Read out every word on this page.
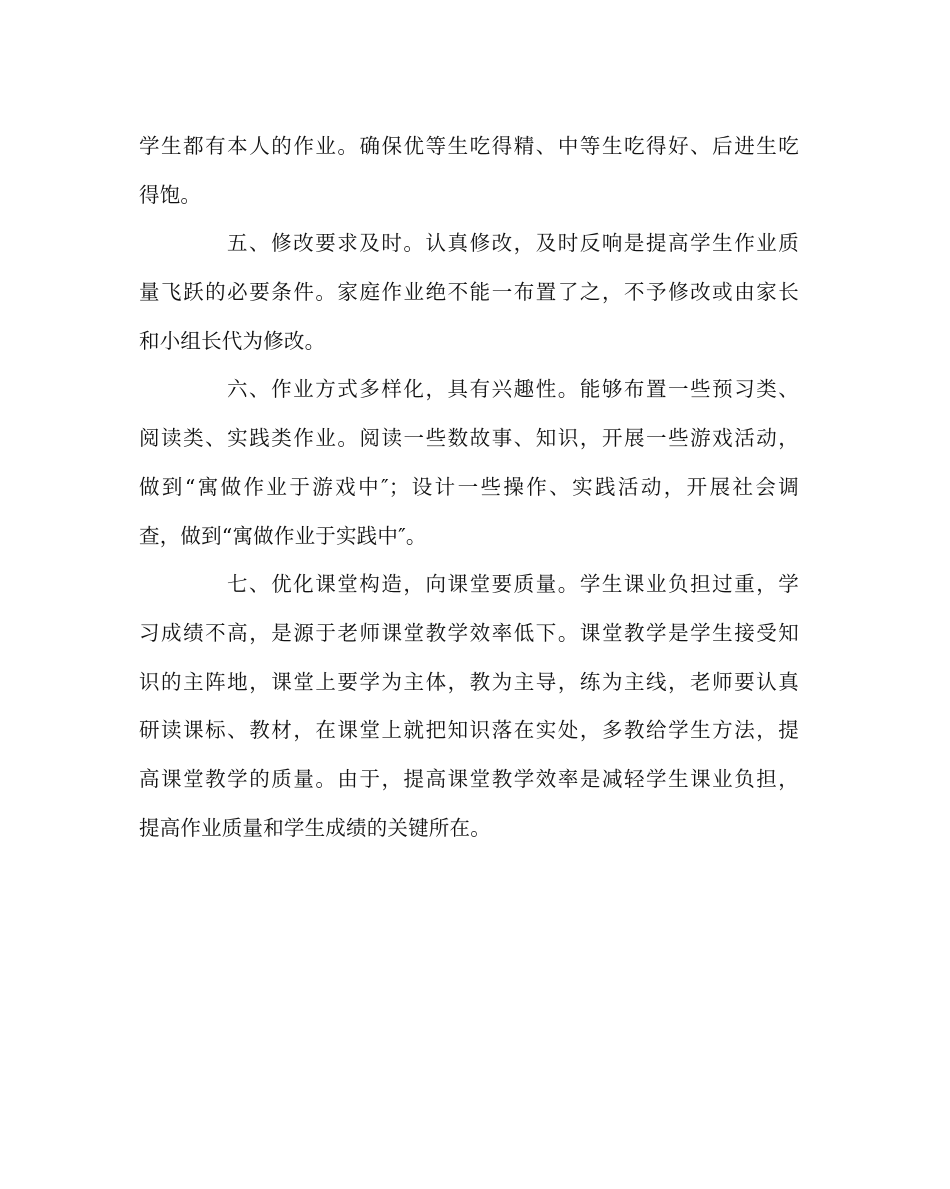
学生都有本人的作业。确保优等生吃得精、中等生吃得好、后进生吃
得饱。
五、修改要求及时。认真修改，及时反响是提高学生作业质
量飞跃的必要条件。家庭作业绝不能一布置了之，不予修改或由家长
和小组长代为修改。
六、作业方式多样化，具有兴趣性。能够布置一些预习类、
阅读类、实践类作业。阅读一些数故事、知识，开展一些游戏活动，
做到“寓做作业于游戏中″；设计一些操作、实践活动，开展社会调
查，做到“寓做作业于实践中″。
七、优化课堂构造，向课堂要质量。学生课业负担过重，学
习成绩不高，是源于老师课堂教学效率低下。课堂教学是学生接受知
识的主阵地，课堂上要学为主体，教为主导，练为主线，老师要认真
研读课标、教材，在课堂上就把知识落在实处，多教给学生方法，提
高课堂教学的质量。由于，提高课堂教学效率是减轻学生课业负担，
提高作业质量和学生成绩的关键所在。
